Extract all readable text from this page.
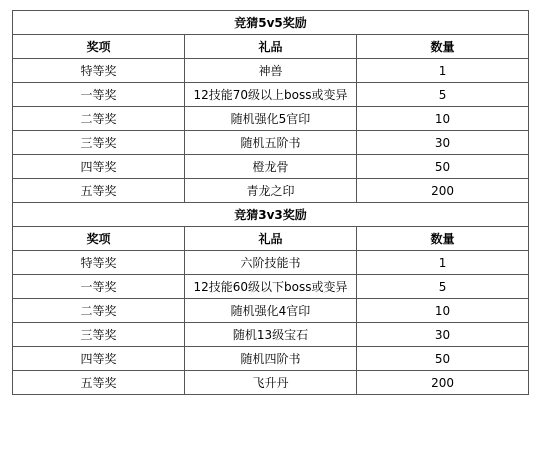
竞猜5v5奖励		
奖项	礼品	数量
特等奖	神兽	1
一等奖	12技能70级以上boss或变异	5
二等奖	随机强化5官印	10
三等奖	随机五阶书	30
四等奖	橙龙骨	50
五等奖	青龙之印	200
竞猜3v3奖励		
奖项	礼品	数量
特等奖	六阶技能书	1
一等奖	12技能60级以下boss或变异	5
二等奖	随机强化4官印	10
三等奖	随机13级宝石	30
四等奖	随机四阶书	50
五等奖	飞升丹	200
